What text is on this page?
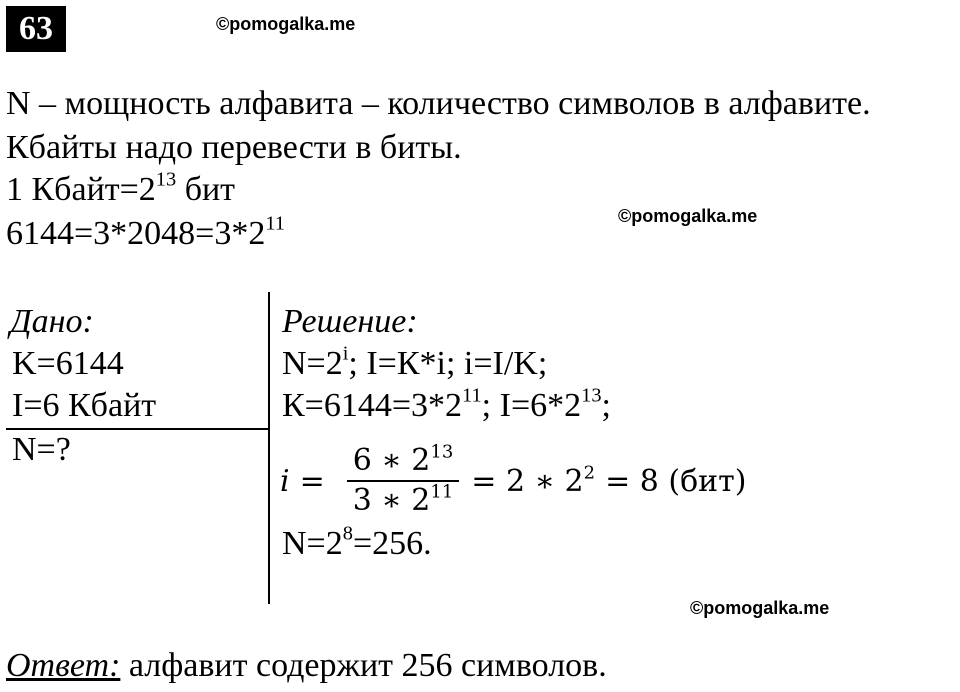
63	©pomogalka.me
©pomogalka.me
©pomogalka.me
N – мощность алфавита – количество символов в алфавите.
Кбайты надо перевести в биты.
1 $Кбайт=2^{13}$ бит
$6144=3*2048=3*2^{11}$
Дано:
K=6144
I=6 Кбайт
N=?
Решение:
$N=2^i$; I=К*i; i=I/K;
$К=6144=3*2^{11}$; $I=6*2^{13}$;
$i = \frac{6 ∗ 2^{13}}{3 ∗ 2^{11}} = 2$ ∗ $2^2 = 8$ (бит)
$N=2^8=256$.
Ответ: алфавит содержит 256 символов.
